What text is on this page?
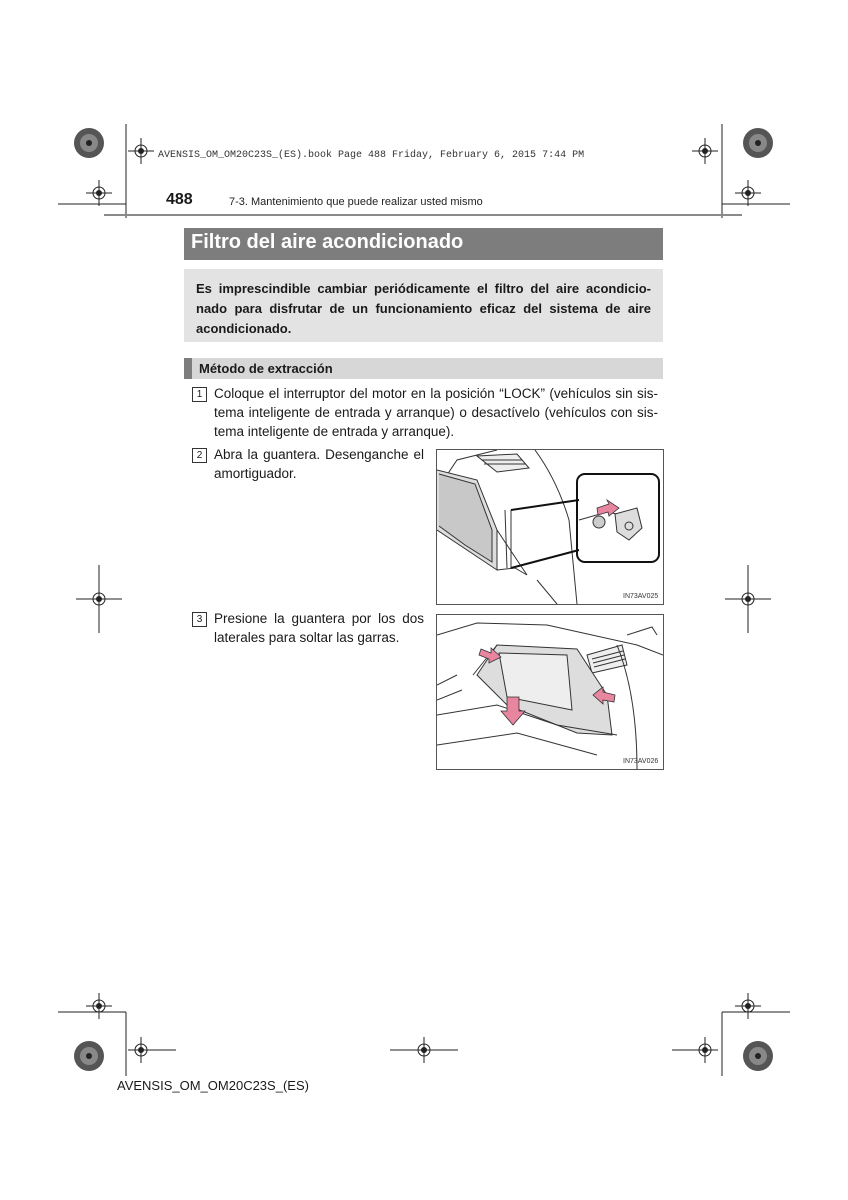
AVENSIS_OM_OM20C23S_(ES).book Page 488 Friday, February 6, 2015 7:44 PM
488	7-3. Mantenimiento que puede realizar usted mismo
Filtro del aire acondicionado
Es imprescindible cambiar periódicamente el filtro del aire acondicio-
nado para disfrutar de un funcionamiento eficaz del sistema de aire
acondicionado.
Método de extracción
1 Coloque el interruptor del motor en la posición “LOCK” (vehículos sin sis-
tema inteligente de entrada y arranque) o desactívelo (vehículos con sis-
tema inteligente de entrada y arranque).
2 Abra la guantera. Desenganche el
amortiguador.
IN73AV025
3 Presione la guantera por los dos
laterales para soltar las garras.
IN73AV026
AVENSIS_OM_OM20C23S_(ES)
